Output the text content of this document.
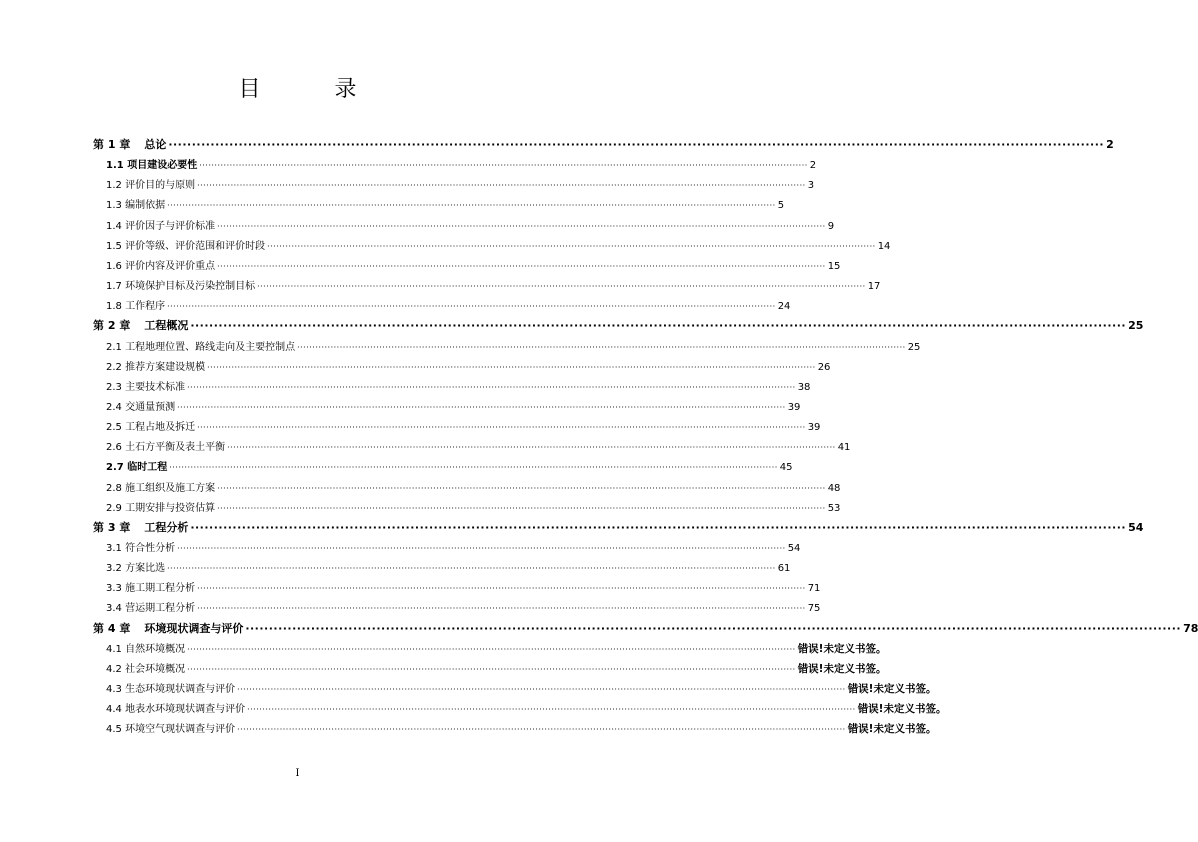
目　录
第 1 章 总论 ········································································································································································································ 2
1.1 项目建设必要性 ········································································································································································································ 2
1.2 评价目的与原则 ········································································································································································································ 3
1.3 编制依据 ········································································································································································································ 5
1.4 评价因子与评价标准 ········································································································································································································ 9
1.5 评价等级、评价范围和评价时段 ········································································································································································································ 14
1.6 评价内容及评价重点 ········································································································································································································ 15
1.7 环境保护目标及污染控制目标 ········································································································································································································ 17
1.8 工作程序 ········································································································································································································ 24
第 2 章 工程概况 ········································································································································································································ 25
2.1 工程地理位置、路线走向及主要控制点 ········································································································································································································ 25
2.2 推荐方案建设规模 ········································································································································································································ 26
2.3 主要技术标准 ········································································································································································································ 38
2.4 交通量预测 ········································································································································································································ 39
2.5 工程占地及拆迁 ········································································································································································································ 39
2.6 土石方平衡及表土平衡 ········································································································································································································ 41
2.7 临时工程 ········································································································································································································ 45
2.8 施工组织及施工方案 ········································································································································································································ 48
2.9 工期安排与投资估算 ········································································································································································································ 53
第 3 章 工程分析 ········································································································································································································ 54
3.1 符合性分析 ········································································································································································································ 54
3.2 方案比选 ········································································································································································································ 61
3.3 施工期工程分析 ········································································································································································································ 71
3.4 营运期工程分析 ········································································································································································································ 75
第 4 章 环境现状调查与评价 ········································································································································································································ 78
4.1 自然环境概况 ········································································································································································································ 错误!未定义书签。
4.2 社会环境概况 ········································································································································································································ 错误!未定义书签。
4.3 生态环境现状调查与评价 ········································································································································································································ 错误!未定义书签。
4.4 地表水环境现状调查与评价 ········································································································································································································ 错误!未定义书签。
4.5 环境空气现状调查与评价 ········································································································································································································ 错误!未定义书签。
I
